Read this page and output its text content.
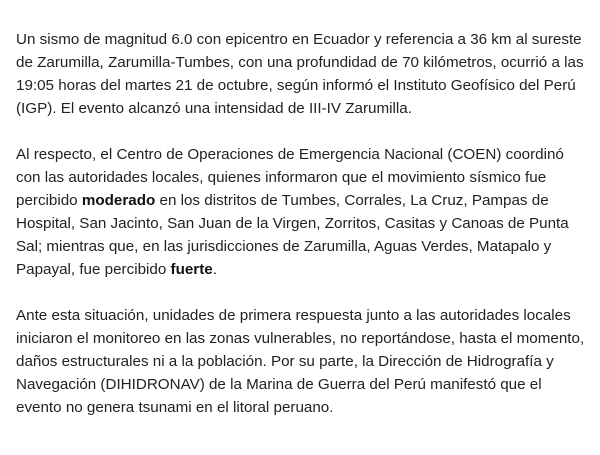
Un sismo de magnitud 6.0 con epicentro en Ecuador y referencia a 36 km al sureste de Zarumilla, Zarumilla-Tumbes, con una profundidad de 70 kilómetros, ocurrió a las 19:05 horas del martes 21 de octubre, según informó el Instituto Geofísico del Perú (IGP). El evento alcanzó una intensidad de III-IV Zarumilla.

Al respecto, el Centro de Operaciones de Emergencia Nacional (COEN) coordinó con las autoridades locales, quienes informaron que el movimiento sísmico fue percibido moderado en los distritos de Tumbes, Corrales, La Cruz, Pampas de Hospital, San Jacinto, San Juan de la Virgen, Zorritos, Casitas y Canoas de Punta Sal; mientras que, en las jurisdicciones de Zarumilla, Aguas Verdes, Matapalo y Papayal, fue percibido fuerte.

Ante esta situación, unidades de primera respuesta junto a las autoridades locales iniciaron el monitoreo en las zonas vulnerables, no reportándose, hasta el momento, daños estructurales ni a la población. Por su parte, la Dirección de Hidrografía y Navegación (DIHIDRONAV) de la Marina de Guerra del Perú manifestó que el evento no genera tsunami en el litoral peruano.
